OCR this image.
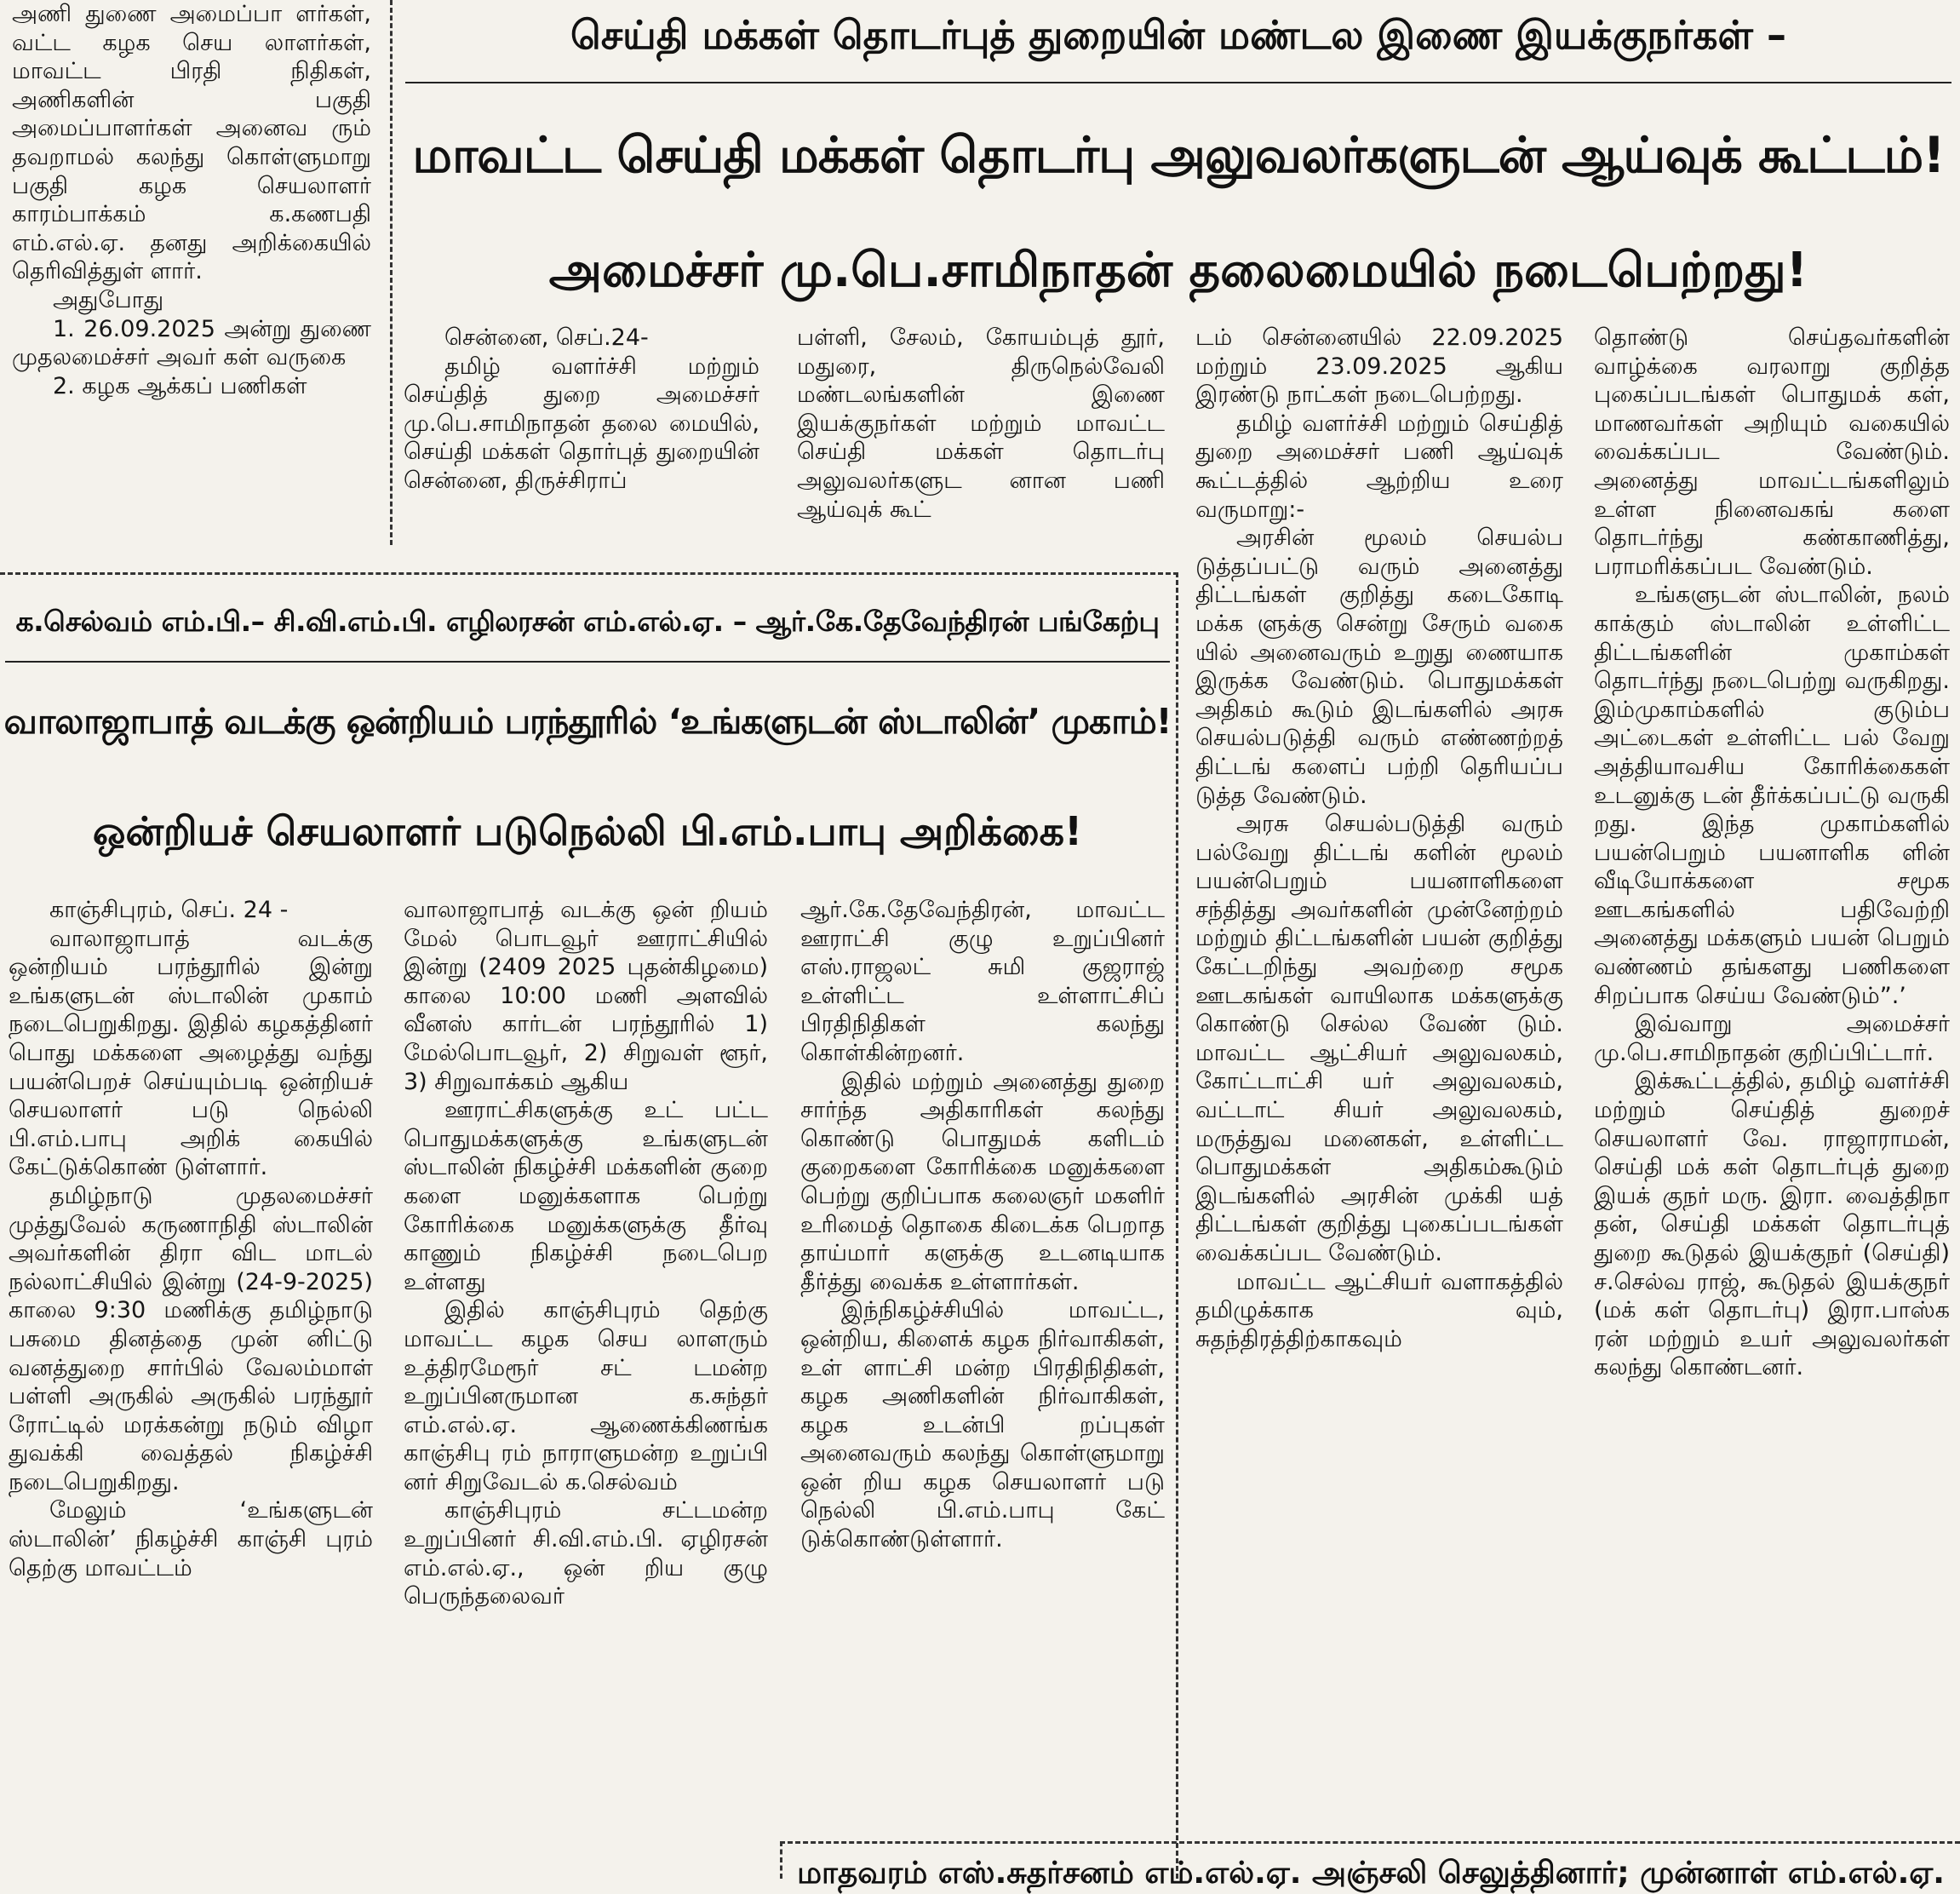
அணி துணை அமைப்பா ளர்கள், வட்ட கழக செய லாளர்கள், மாவட்ட பிரதி நிதிகள், அணிகளின் பகுதி அமைப்பாளர்கள் அனைவ ரும் தவறாமல் கலந்து கொள்ளுமாறு பகுதி கழக செயலாளர் காரம்பாக்கம் க.கணபதி எம்.எல்.ஏ. தனது அறிக்கையில் தெரிவித்துள் ளார்.

அதுபோது

1. 26.09.2025 அன்று துணை முதலமைச்சர் அவர் கள் வருகை

2. கழக ஆக்கப் பணிகள்

செய்தி மக்கள் தொடர்புத் துறையின் மண்டல இணை இயக்குநர்கள் –
மாவட்ட செய்தி மக்கள் தொடர்பு அலுவலர்களுடன் ஆய்வுக் கூட்டம்!
அமைச்சர் மு.பெ.சாமிநாதன் தலைமையில் நடைபெற்றது!

சென்னை, செப்.24-

தமிழ் வளர்ச்சி மற்றும் செய்தித் துறை அமைச்சர் மு.பெ.சாமிநாதன் தலை மையில், செய்தி மக்கள் தொர்புத் துறையின் சென்னை, திருச்சிராப்

பள்ளி, சேலம், கோயம்புத் தூர், மதுரை, திருநெல்வேலி மண்டலங்களின் இணை இயக்குநர்கள் மற்றும் மாவட்ட செய்தி மக்கள் தொடர்பு அலுவலர்களுட னான பணி ஆய்வுக் கூட்

டம் சென்னையில் 22.09.2025 மற்றும் 23.09.2025 ஆகிய இரண்டு நாட்கள் நடைபெற்றது.

தமிழ் வளர்ச்சி மற்றும் செய்தித் துறை அமைச்சர் பணி ஆய்வுக் கூட்டத்தில் ஆற்றிய உரை வருமாறு:-

அரசின் மூலம் செயல்ப டுத்தப்பட்டு வரும் அனைத்து திட்டங்கள் குறித்து கடைகோடி மக்க ளுக்கு சென்று சேரும் வகை யில் அனைவரும் உறுது ணையாக இருக்க வேண்டும். பொதுமக்கள் அதிகம் கூடும் இடங்களில் அரசு செயல்படுத்தி வரும் எண்ணற்றத் திட்டங் களைப் பற்றி தெரியப்ப டுத்த வேண்டும்.

அரசு செயல்படுத்தி வரும் பல்வேறு திட்டங் களின் மூலம் பயன்பெறும் பயனாளிகளை சந்தித்து அவர்களின் முன்னேற்றம் மற்றும் திட்டங்களின் பயன் குறித்து கேட்டறிந்து அவற்றை சமூக ஊடகங்கள் வாயிலாக மக்களுக்கு கொண்டு செல்ல வேண் டும். மாவட்ட ஆட்சியர் அலுவலகம், கோட்டாட்சி யர் அலுவலகம், வட்டாட் சியர் அலுவலகம், மருத்துவ மனைகள், உள்ளிட்ட பொதுமக்கள் அதிகம்கூடும் இடங்களில் அரசின் முக்கி யத் திட்டங்கள் குறித்து புகைப்படங்கள் வைக்கப்பட வேண்டும்.

மாவட்ட ஆட்சியர் வளாகத்தில் தமிழுக்காக வும், சுதந்திரத்திற்காகவும்

தொண்டு செய்தவர்களின் வாழ்க்கை வரலாறு குறித்த புகைப்படங்கள் பொதுமக் கள், மாணவர்கள் அறியும் வகையில் வைக்கப்பட வேண்டும். அனைத்து மாவட்டங்களிலும் உள்ள நினைவகங் களை தொடர்ந்து கண்காணித்து, பராமரிக்கப்பட வேண்டும்.

உங்களுடன் ஸ்டாலின், நலம் காக்கும் ஸ்டாலின் உள்ளிட்ட திட்டங்களின் முகாம்கள் தொடர்ந்து நடைபெற்று வருகிறது. இம்முகாம்களில் குடும்ப அட்டைகள் உள்ளிட்ட பல் வேறு அத்தியாவசிய கோரிக்கைகள் உடனுக்கு டன் தீர்க்கப்பட்டு வருகி றது. இந்த முகாம்களில் பயன்பெறும் பயனாளிக ளின் வீடியோக்களை சமூக ஊடகங்களில் பதிவேற்றி அனைத்து மக்களும் பயன் பெறும் வண்ணம் தங்களது பணிகளை சிறப்பாக செய்ய வேண்டும்”.’

இவ்வாறு அமைச்சர் மு.பெ.சாமிநாதன் குறிப்பிட்டார்.

இக்கூட்டத்தில், தமிழ் வளர்ச்சி மற்றும் செய்தித் துறைச் செயலாளர் வே. ராஜாராமன், செய்தி மக் கள் தொடர்புத் துறை இயக் குநர் மரு. இரா. வைத்திநா தன், செய்தி மக்கள் தொடர்புத் துறை கூடுதல் இயக்குநர் (செய்தி) ச.செல்வ ராஜ், கூடுதல் இயக்குநர் (மக் கள் தொடர்பு) இரா.பாஸ்க ரன் மற்றும் உயர் அலுவலர்கள் கலந்து கொண்டனர்.

க.செல்வம் எம்.பி.– சி.வி.எம்.பி. எழிலரசன் எம்.எல்.ஏ. – ஆர்.கே.தேவேந்திரன் பங்கேற்பு
வாலாஜாபாத் வடக்கு ஒன்றியம் பரந்தூரில் ‘உங்களுடன் ஸ்டாலின்’ முகாம்!
ஒன்றியச் செயலாளர் படுநெல்லி பி.எம்.பாபு அறிக்கை!

காஞ்சிபுரம், செப். 24 -

வாலாஜாபாத் வடக்கு ஒன்றியம் பரந்தூரில் இன்று உங்களுடன் ஸ்டாலின் முகாம் நடைபெறுகிறது. இதில் கழகத்தினர் பொது மக்களை அழைத்து வந்து பயன்பெறச் செய்யும்படி ஒன்றியச் செயலாளர் படு நெல்லி பி.எம்.பாபு அறிக் கையில் கேட்டுக்கொண் டுள்ளார்.

தமிழ்நாடு முதலமைச்சர் முத்துவேல் கருணாநிதி ஸ்டாலின் அவர்களின் திரா விட மாடல் நல்லாட்சியில் இன்று (24-9-2025) காலை 9:30 மணிக்கு தமிழ்நாடு பசுமை தினத்தை முன் னிட்டு வனத்துறை சார்பில் வேலம்மாள் பள்ளி அருகில் அருகில் பரந்தூர் ரோட்டில் மரக்கன்று நடும் விழா துவக்கி வைத்தல் நிகழ்ச்சி நடைபெறுகிறது.

மேலும் ‘உங்களுடன் ஸ்டாலின்’ நிகழ்ச்சி காஞ்சி புரம் தெற்கு மாவட்டம்

வாலாஜாபாத் வடக்கு ஒன் றியம் மேல் பொடவூர் ஊராட்சியில் இன்று (2409 2025 புதன்கிழமை) காலை 10:00 மணி அளவில் வீனஸ் கார்டன் பரந்தூரில் 1) மேல்பொடவூர், 2) சிறுவள் ளூர், 3) சிறுவாக்கம் ஆகிய

ஊராட்சிகளுக்கு உட் பட்ட பொதுமக்களுக்கு உங்களுடன் ஸ்டாலின் நிகழ்ச்சி மக்களின் குறை களை மனுக்களாக பெற்று கோரிக்கை மனுக்களுக்கு தீர்வு காணும் நிகழ்ச்சி நடைபெற உள்ளது

இதில் காஞ்சிபுரம் தெற்கு மாவட்ட கழக செய லாளரும் உத்திரமேரூர் சட் டமன்ற உறுப்பினருமான க.சுந்தர் எம்.எல்.ஏ. ஆணைக்கிணங்க காஞ்சிபு ரம் நாராளுமன்ற உறுப்பி னர் சிறுவேடல் க.செல்வம்

காஞ்சிபுரம் சட்டமன்ற உறுப்பினர் சி.வி.எம்.பி. ஏழிரசன் எம்.எல்.ஏ., ஒன் றிய குழு பெருந்தலைவர்

ஆர்.கே.தேவேந்திரன், மாவட்ட ஊராட்சி குழு உறுப்பினர் எஸ்.ராஜலட் சுமி குஜராஜ் உள்ளிட்ட உள்ளாட்சிப் பிரதிநிதிகள் கலந்து கொள்கின்றனர்.

இதில் மற்றும் அனைத்து துறை சார்ந்த அதிகாரிகள் கலந்து கொண்டு பொதுமக் களிடம் குறைகளை கோரிக்கை மனுக்களை பெற்று குறிப்பாக கலைஞர் மகளிர் உரிமைத் தொகை கிடைக்க பெறாத தாய்மார் களுக்கு உடனடியாக தீர்த்து வைக்க உள்ளார்கள்.

இந்நிகழ்ச்சியில் மாவட்ட, ஒன்றிய, கிளைக் கழக நிர்வாகிகள், உள் ளாட்சி மன்ற பிரதிநிதிகள், கழக அணிகளின் நிர்வாகிகள், கழக உடன்பி றப்புகள் அனைவரும் கலந்து கொள்ளுமாறு ஒன் றிய கழக செயலாளர் படு நெல்லி பி.எம்.பாபு கேட் டுக்கொண்டுள்ளார்.

மாதவரம் எஸ்.சுதர்சனம் எம்.எல்.ஏ. அஞ்சலி செலுத்தினார்; முன்னாள் எம்.எல்.ஏ.
